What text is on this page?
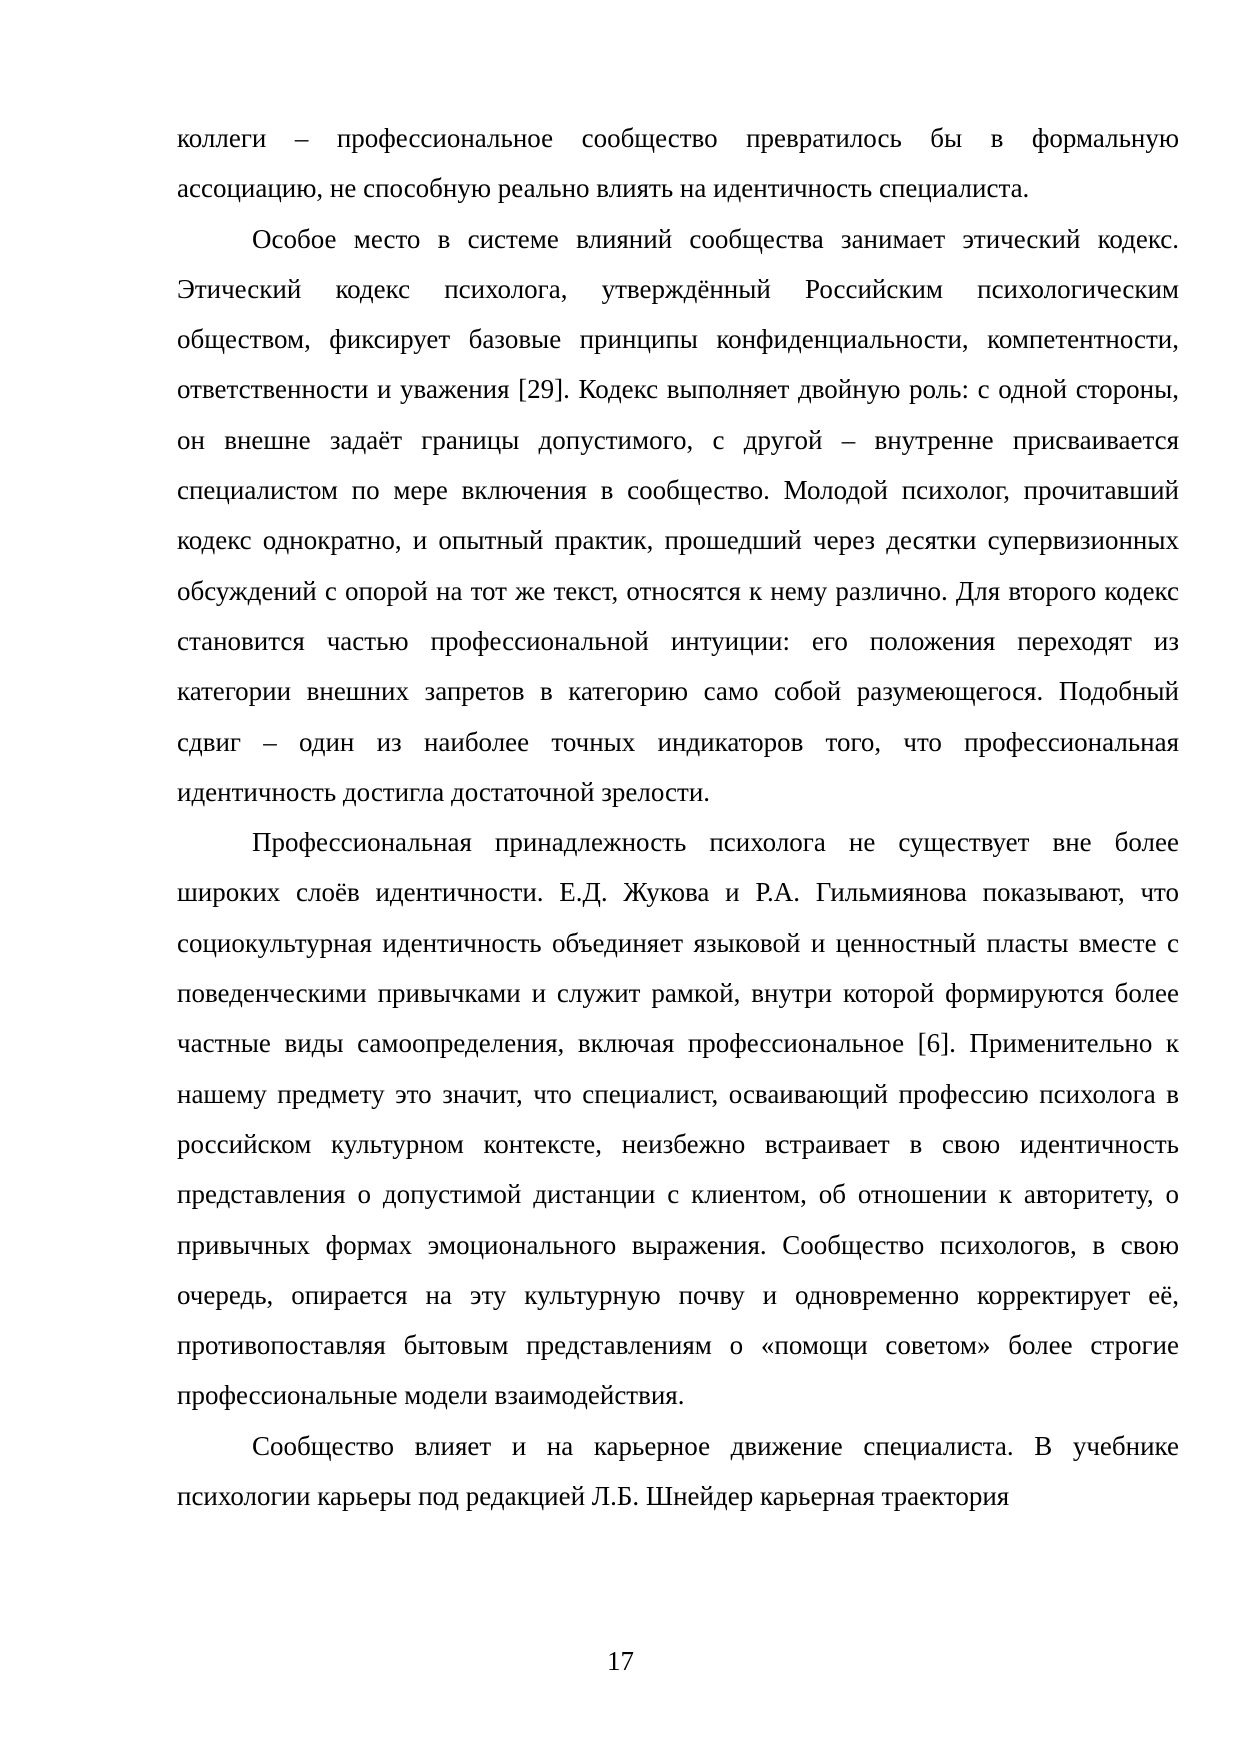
коллеги – профессиональное сообщество превратилось бы в формальную ассоциацию, не способную реально влиять на идентичность специалиста.

Особое место в системе влияний сообщества занимает этический кодекс. Этический кодекс психолога, утверждённый Российским психологическим обществом, фиксирует базовые принципы конфиденциальности, компетентности, ответственности и уважения [29]. Кодекс выполняет двойную роль: с одной стороны, он внешне задаёт границы допустимого, с другой – внутренне присваивается специалистом по мере включения в сообщество. Молодой психолог, прочитавший кодекс однократно, и опытный практик, прошедший через десятки супервизионных обсуждений с опорой на тот же текст, относятся к нему различно. Для второго кодекс становится частью профессиональной интуиции: его положения переходят из категории внешних запретов в категорию само собой разумеющегося. Подобный сдвиг – один из наиболее точных индикаторов того, что профессиональная идентичность достигла достаточной зрелости.

Профессиональная принадлежность психолога не существует вне более широких слоёв идентичности. Е.Д. Жукова и Р.А. Гильмиянова показывают, что социокультурная идентичность объединяет языковой и ценностный пласты вместе с поведенческими привычками и служит рамкой, внутри которой формируются более частные виды самоопределения, включая профессиональное [6]. Применительно к нашему предмету это значит, что специалист, осваивающий профессию психолога в российском культурном контексте, неизбежно встраивает в свою идентичность представления о допустимой дистанции с клиентом, об отношении к авторитету, о привычных формах эмоционального выражения. Сообщество психологов, в свою очередь, опирается на эту культурную почву и одновременно корректирует её, противопоставляя бытовым представлениям о «помощи советом» более строгие профессиональные модели взаимодействия.

Сообщество влияет и на карьерное движение специалиста. В учебнике психологии карьеры под редакцией Л.Б. Шнейдер карьерная траектория

17
